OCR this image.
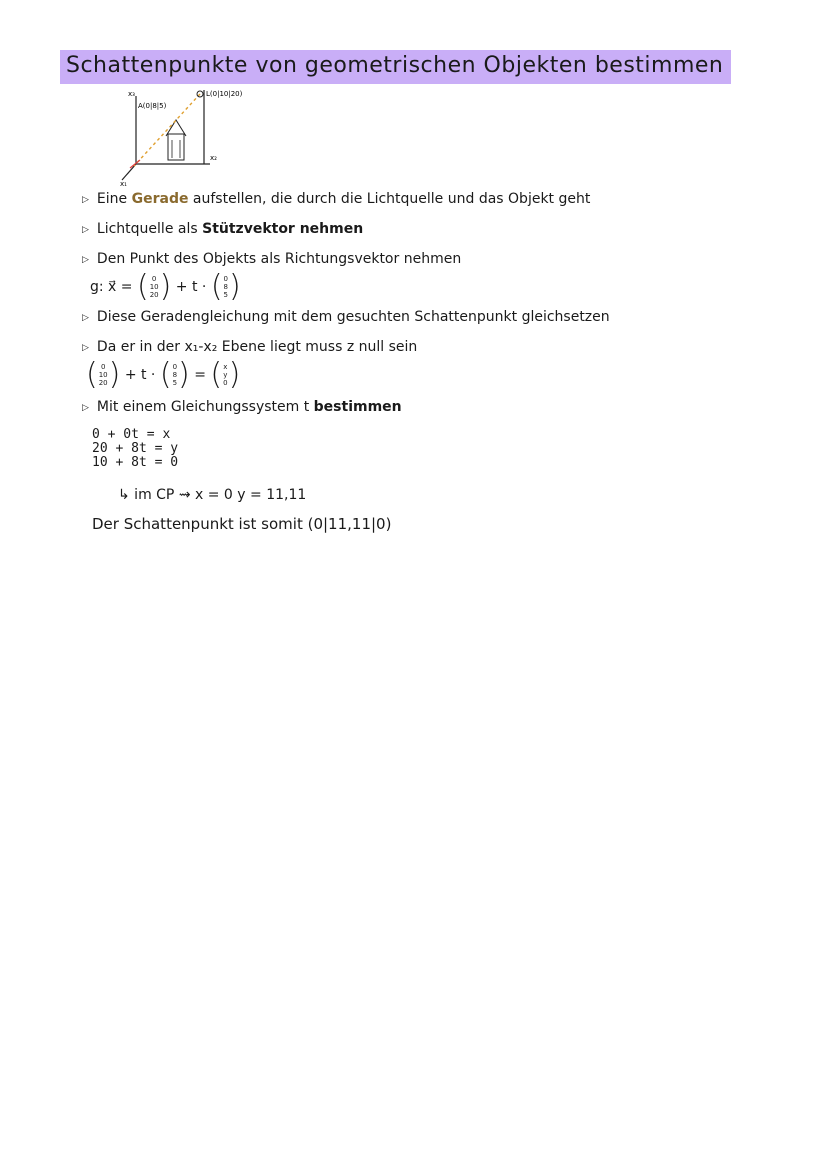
Schattenpunkte von geometrischen Objekten bestimmen
x₃
A(0|8|5)
L(0|10|20)
x₂
x₁
▷ Eine Gerade aufstellen, die durch die Lichtquelle und das Objekt geht
▷ Lichtquelle als Stützvektor nehmen
▷ Den Punkt des Objekts als Richtungsvektor nehmen
▷ Diese Geradengleichung mit dem gesuchten Schattenpunkt gleichsetzen
▷ Da er in der x₁-x₂ Ebene liegt muss z null sein
▷ Mit einem Gleichungssystem t bestimmen
g: x⃗ = ( 0
10
20 ) + t · ( 0
8
5 )
( 0
10
20 ) + t · ( 0
8
5 ) = ( x
y
0 )
0 + 0t = x
20 + 8t = y
10 + 8t = 0
↳ im CP ⇝ x = 0 y = 11,11
Der Schattenpunkt ist somit (0|11,11|0)
